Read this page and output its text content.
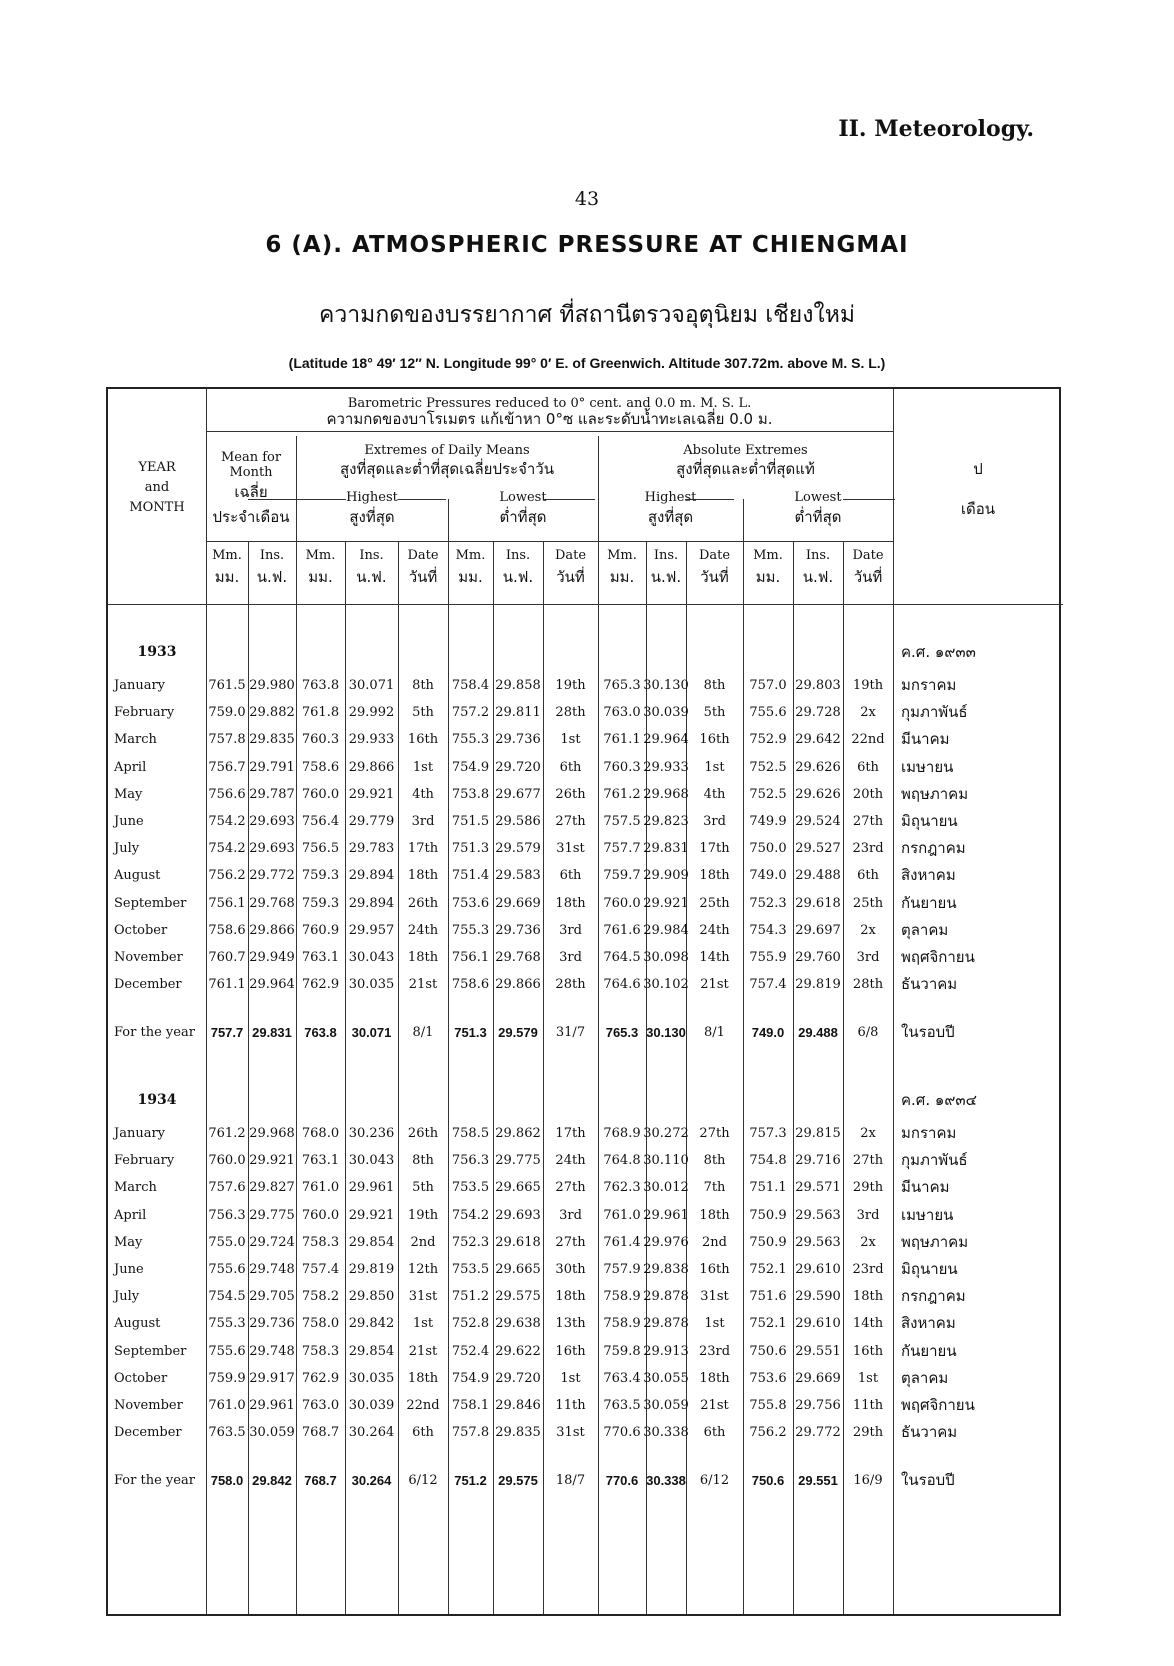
II. Meteorology.
43
6 (A). ATMOSPHERIC PRESSURE AT CHIENGMAI
ความกดของบรรยากาศ ที่สถานีตรวจอุตุนิยม เชียงใหม่
(Latitude 18° 49′ 12″ N. Longitude 99° 0′ E. of Greenwich. Altitude 307.72m. above M. S. L.)
Barometric Pressures reduced to 0° cent. and 0.0 m. M. S. L.
ความกดของบาโรเมตร แก้เข้าหา 0°ซ และระดับน้ำทะเลเฉลี่ย 0.0 ม.
YEAR
and
MONTH
Mean for
Month
เฉลี่ย
ประจำเดือน
Extremes of Daily Means
สูงที่สุดและต่ำที่สุดเฉลี่ยประจำวัน
Absolute Extremes
สูงที่สุดและต่ำที่สุดแท้
Highest
สูงที่สุด
Lowest
ต่ำที่สุด
Highest
สูงที่สุด
Lowest
ต่ำที่สุด
ป
เดือน
Mm.
มม.
Ins.
น.ฟ.
Mm.
มม.
Ins.
น.ฟ.
Date
วันที่
Mm.
มม.
Ins.
น.ฟ.
Date
วันที่
Mm.
มม.
Ins.
น.ฟ.
Date
วันที่
Mm.
มม.
Ins.
น.ฟ.
Date
วันที่
1933	ค.ศ. ๑๙๓๓
January	761.5 29.980 763.8 30.071	8th	758.4 29.858	19th	765.3 30.130	8th	757.0 29.803 19th	มกราคม
February	759.0 29.882 761.8 29.992	5th	757.2 29.811	28th	763.0 30.039	5th	755.6 29.728	2x	กุมภาพันธ์
March	757.8 29.835 760.3 29.933	16th	755.3 29.736	1st	761.1 29.964 16th	752.9 29.642 22nd	มีนาคม
April	756.7 29.791 758.6 29.866	1st	754.9 29.720	6th	760.3 29.933	1st	752.5 29.626	6th	เมษายน
May	756.6 29.787 760.0 29.921	4th	753.8 29.677	26th	761.2 29.968	4th	752.5 29.626 20th	พฤษภาคม
June	754.2 29.693 756.4 29.779	3rd	751.5 29.586	27th	757.5 29.823	3rd	749.9 29.524 27th	มิถุนายน
July	754.2 29.693 756.5 29.783	17th	751.3 29.579	31st	757.7 29.831 17th	750.0 29.527 23rd	กรกฎาคม
August	756.2 29.772 759.3 29.894	18th	751.4 29.583	6th	759.7 29.909 18th	749.0 29.488	6th	สิงหาคม
September	756.1 29.768 759.3 29.894	26th	753.6 29.669	18th	760.0 29.921 25th	752.3 29.618 25th	กันยายน
October	758.6 29.866 760.9 29.957	24th	755.3 29.736	3rd	761.6 29.984 24th	754.3 29.697	2x	ตุลาคม
November	760.7 29.949 763.1 30.043	18th	756.1 29.768	3rd	764.5 30.098 14th	755.9 29.760	3rd	พฤศจิกายน
December	761.1 29.964 762.9 30.035	21st	758.6 29.866	28th	764.6 30.102 21st	757.4 29.819 28th	ธันวาคม
For the year	757.7 29.831 763.8	30.071	8/1	751.3 29.579	31/7	765.3 30.130	8/1	749.0	29.488	6/8	ในรอบปี
1934	ค.ศ. ๑๙๓๔
January	761.2 29.968 768.0 30.236	26th	758.5 29.862	17th	768.9 30.272 27th	757.3 29.815	2x	มกราคม
February	760.0 29.921 763.1 30.043	8th	756.3 29.775	24th	764.8 30.110	8th	754.8 29.716 27th	กุมภาพันธ์
March	757.6 29.827 761.0 29.961	5th	753.5 29.665	27th	762.3 30.012	7th	751.1 29.571 29th	มีนาคม
April	756.3 29.775 760.0 29.921	19th	754.2 29.693	3rd	761.0 29.961 18th	750.9 29.563	3rd	เมษายน
May	755.0 29.724 758.3 29.854	2nd	752.3 29.618	27th	761.4 29.976	2nd	750.9 29.563	2x	พฤษภาคม
June	755.6 29.748 757.4 29.819	12th	753.5 29.665	30th	757.9 29.838 16th	752.1 29.610 23rd	มิถุนายน
July	754.5 29.705 758.2 29.850	31st	751.2 29.575	18th	758.9 29.878 31st	751.6 29.590 18th	กรกฎาคม
August	755.3 29.736 758.0 29.842	1st	752.8 29.638	13th	758.9 29.878	1st	752.1 29.610 14th	สิงหาคม
September	755.6 29.748 758.3 29.854	21st	752.4 29.622	16th	759.8 29.913 23rd	750.6 29.551 16th	กันยายน
October	759.9 29.917 762.9 30.035	18th	754.9 29.720	1st	763.4 30.055 18th	753.6 29.669	1st	ตุลาคม
November	761.0 29.961 763.0 30.039 22nd 758.1 29.846	11th	763.5 30.059 21st	755.8 29.756 11th	พฤศจิกายน
December	763.5 30.059 768.7 30.264	6th	757.8 29.835	31st	770.6 30.338	6th	756.2 29.772 29th	ธันวาคม
For the year	758.0 29.842 768.7	30.264	6/12	751.2 29.575	18/7	770.6 30.338	6/12	750.6	29.551	16/9	ในรอบปี
